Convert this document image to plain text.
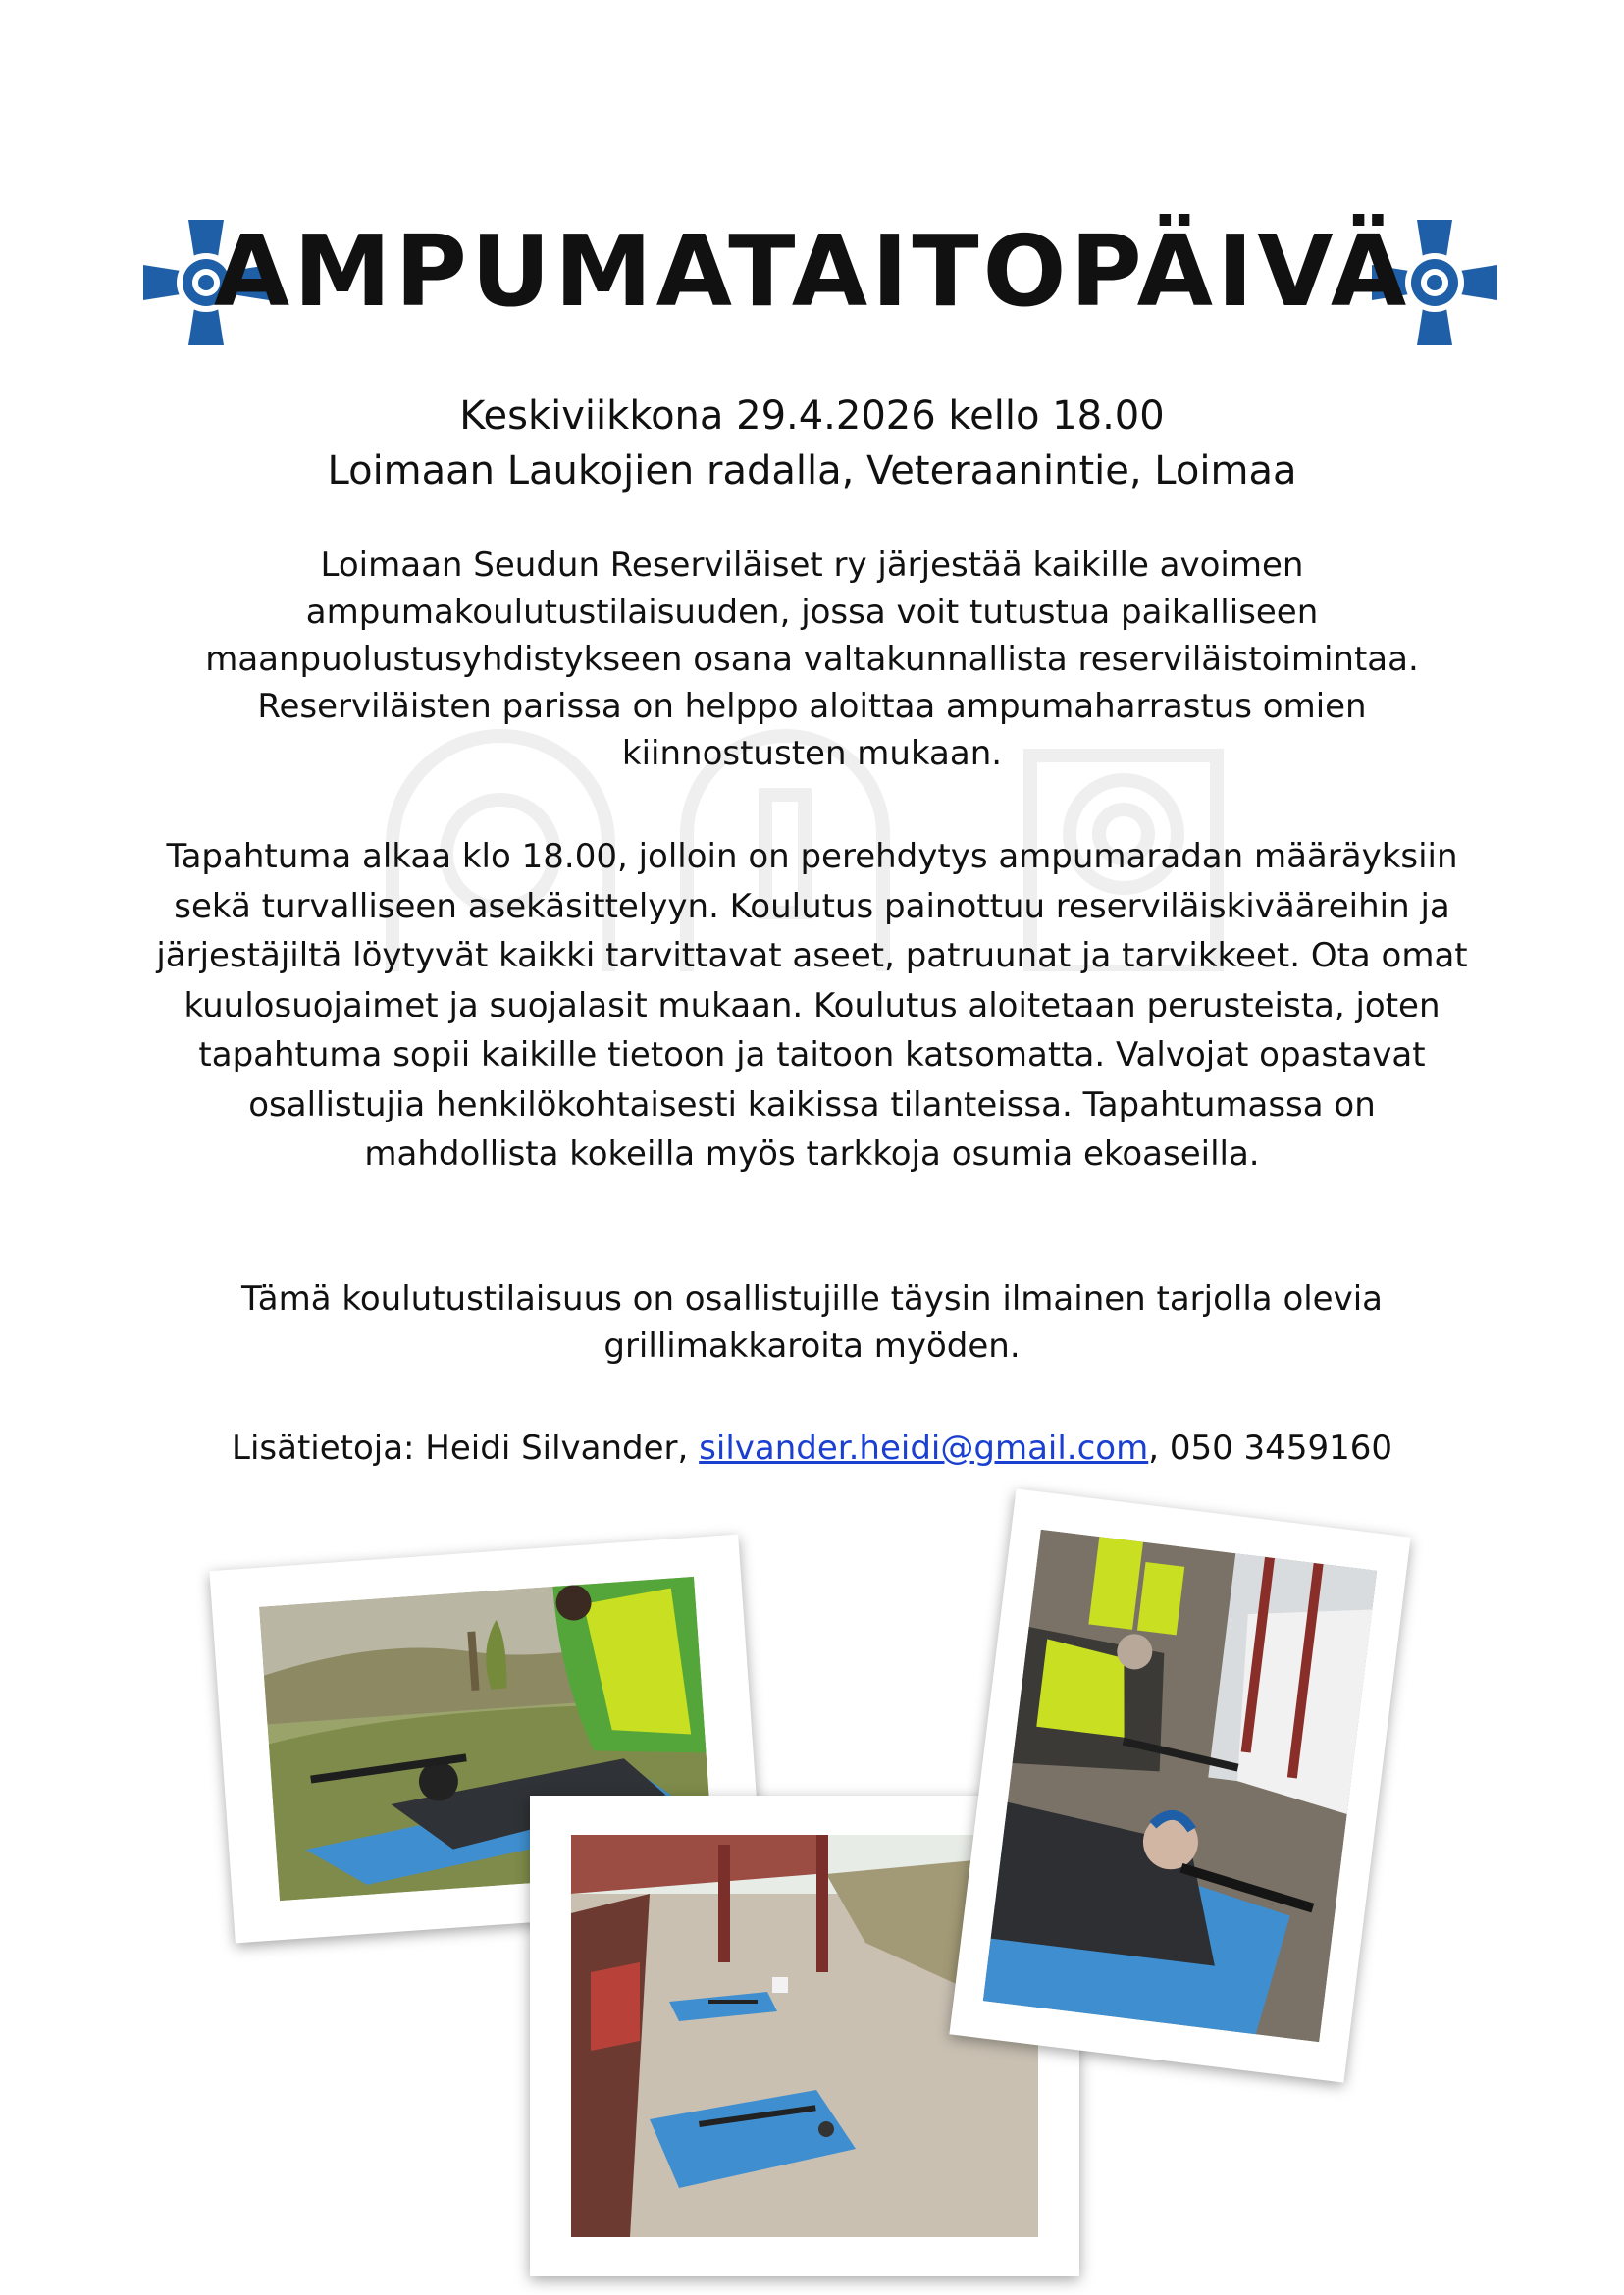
AMPUMATAITOPÄIVÄ
Keskiviikkona 29.4.2026 kello 18.00
Loimaan Laukojien radalla, Veteraanintie, Loimaa

Loimaan Seudun Reserviläiset ry järjestää kaikille avoimen ampumakoulutustilaisuuden, jossa voit tutustua paikalliseen maanpuolustusyhdistykseen osana valtakunnallista reserviläistoimintaa. Reserviläisten parissa on helppo aloittaa ampumaharrastus omien kiinnostusten mukaan.

Tapahtuma alkaa klo 18.00, jolloin on perehdytys ampumaradan määräyksiin sekä turvalliseen asekäsittelyyn. Koulutus painottuu reserviläiskivääreihin ja järjestäjiltä löytyvät kaikki tarvittavat aseet, patruunat ja tarvikkeet. Ota omat kuulosuojaimet ja suojalasit mukaan. Koulutus aloitetaan perusteista, joten tapahtuma sopii kaikille tietoon ja taitoon katsomatta. Valvojat opastavat osallistujia henkilökohtaisesti kaikissa tilanteissa. Tapahtumassa on mahdollista kokeilla myös tarkkoja osumia ekoaseilla.

Tämä koulutustilaisuus on osallistujille täysin ilmainen tarjolla olevia grillimakkaroita myöden.

Lisätietoja: Heidi Silvander, silvander.heidi@gmail.com, 050 3459160
